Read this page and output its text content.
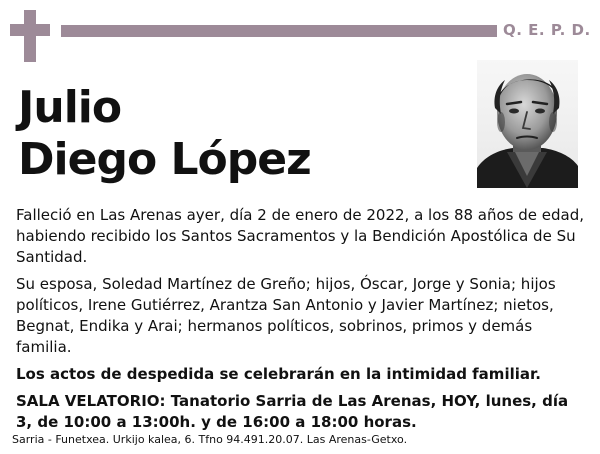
Q. E. P. D.
Julio
Diego López

Falleció en Las Arenas ayer, día 2 de enero de 2022, a los 88 años de edad, habiendo recibido los Santos Sacramentos y la Bendición Apostólica de Su Santidad.

Su esposa, Soledad Martínez de Greño; hijos, Óscar, Jorge y Sonia; hijos políticos, Irene Gutiérrez, Arantza San Antonio y Javier Martínez; nietos, Begnat, Endika y Arai; hermanos políticos, sobrinos, primos y demás familia.

Los actos de despedida se celebrarán en la intimidad familiar.

SALA VELATORIO: Tanatorio Sarria de Las Arenas, HOY, lunes, día 3, de 10:00 a 13:00h. y de 16:00 a 18:00 horas.

Sarria - Funetxea. Urkijo kalea, 6. Tfno 94.491.20.07. Las Arenas-Getxo.
